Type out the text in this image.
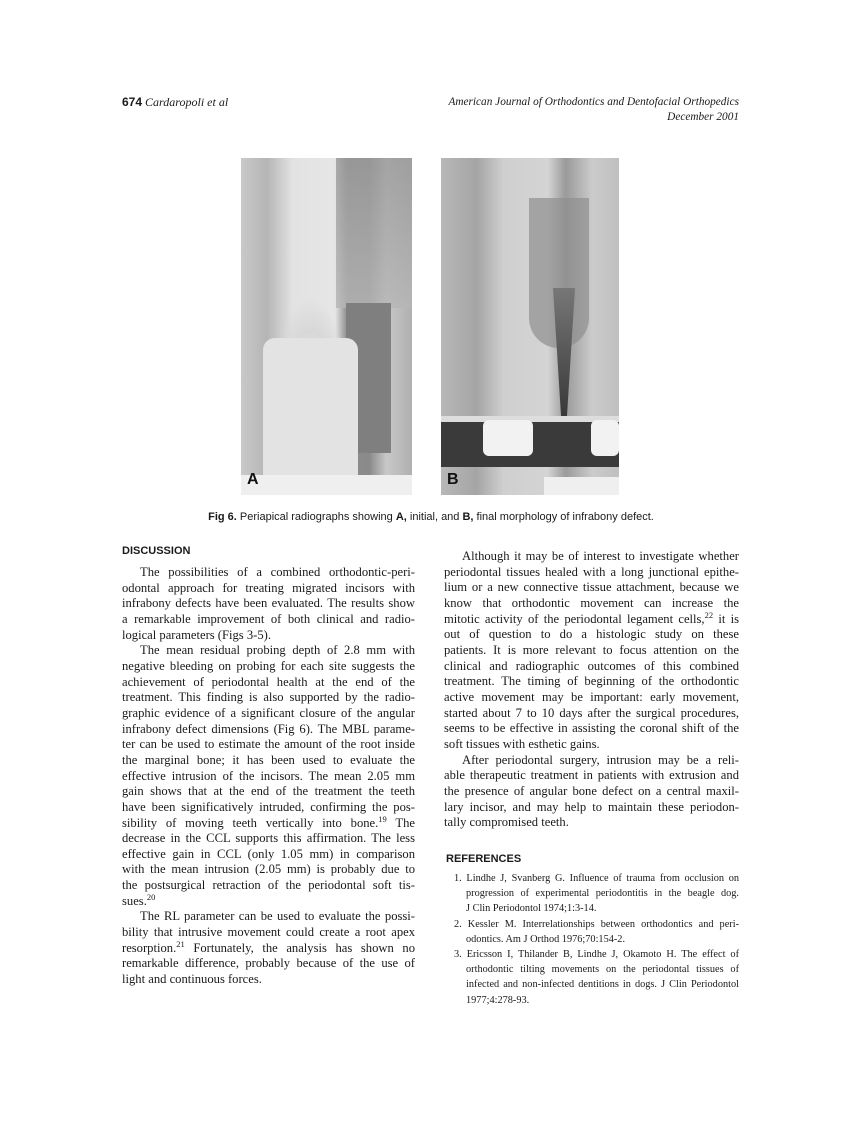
674 Cardaropoli et al	American Journal of Orthodontics and Dentofacial Orthopedics
December 2001
A	B
Fig 6. Periapical radiographs showing A, initial, and B, final morphology of infrabony defect.
DISCUSSION
The possibilities of a combined orthodontic-peri-
odontal approach for treating migrated incisors with
infrabony defects have been evaluated. The results show
a remarkable improvement of both clinical and radio-
logical parameters (Figs 3-5).
The mean residual probing depth of 2.8 mm with
negative bleeding on probing for each site suggests the
achievement of periodontal health at the end of the
treatment. This finding is also supported by the radio-
graphic evidence of a significant closure of the angular
infrabony defect dimensions (Fig 6). The MBL parame-
ter can be used to estimate the amount of the root inside
the marginal bone; it has been used to evaluate the
effective intrusion of the incisors. The mean 2.05 mm
gain shows that at the end of the treatment the teeth
have been significatively intruded, confirming the pos-
sibility of moving teeth vertically into bone.$^{19}$ The
decrease in the CCL supports this affirmation. The less
effective gain in CCL (only 1.05 mm) in comparison
with the mean intrusion (2.05 mm) is probably due to
the postsurgical retraction of the periodontal soft tis-
sues.$^{20}$
The RL parameter can be used to evaluate the possi-
bility that intrusive movement could create a root apex
resorption.$^{21}$ Fortunately, the analysis has shown no
remarkable difference, probably because of the use of
light and continuous forces.
Although it may be of interest to investigate whether
periodontal tissues healed with a long junctional epithe-
lium or a new connective tissue attachment, because we
know that orthodontic movement can increase the
mitotic activity of the periodontal legament cells,$^{22}$ it is
out of question to do a histologic study on these
patients. It is more relevant to focus attention on the
clinical and radiographic outcomes of this combined
treatment. The timing of beginning of the orthodontic
active movement may be important: early movement,
started about 7 to 10 days after the surgical procedures,
seems to be effective in assisting the coronal shift of the
soft tissues with esthetic gains.
After periodontal surgery, intrusion may be a reli-
able therapeutic treatment in patients with extrusion and
the presence of angular bone defect on a central maxil-
lary incisor, and may help to maintain these periodon-
tally compromised teeth.
REFERENCES
1. Lindhe J, Svanberg G. Influence of trauma from occlusion on
progression of experimental periodontitis in the beagle dog.
J Clin Periodontol 1974;1:3-14.
2. Kessler M. Interrelationships between orthodontics and peri-
odontics. Am J Orthod 1976;70:154-2.
3. Ericsson I, Thilander B, Lindhe J, Okamoto H. The effect of
orthodontic tilting movements on the periodontal tissues of
infected and non-infected dentitions in dogs. J Clin Periodontol
1977;4:278-93.
